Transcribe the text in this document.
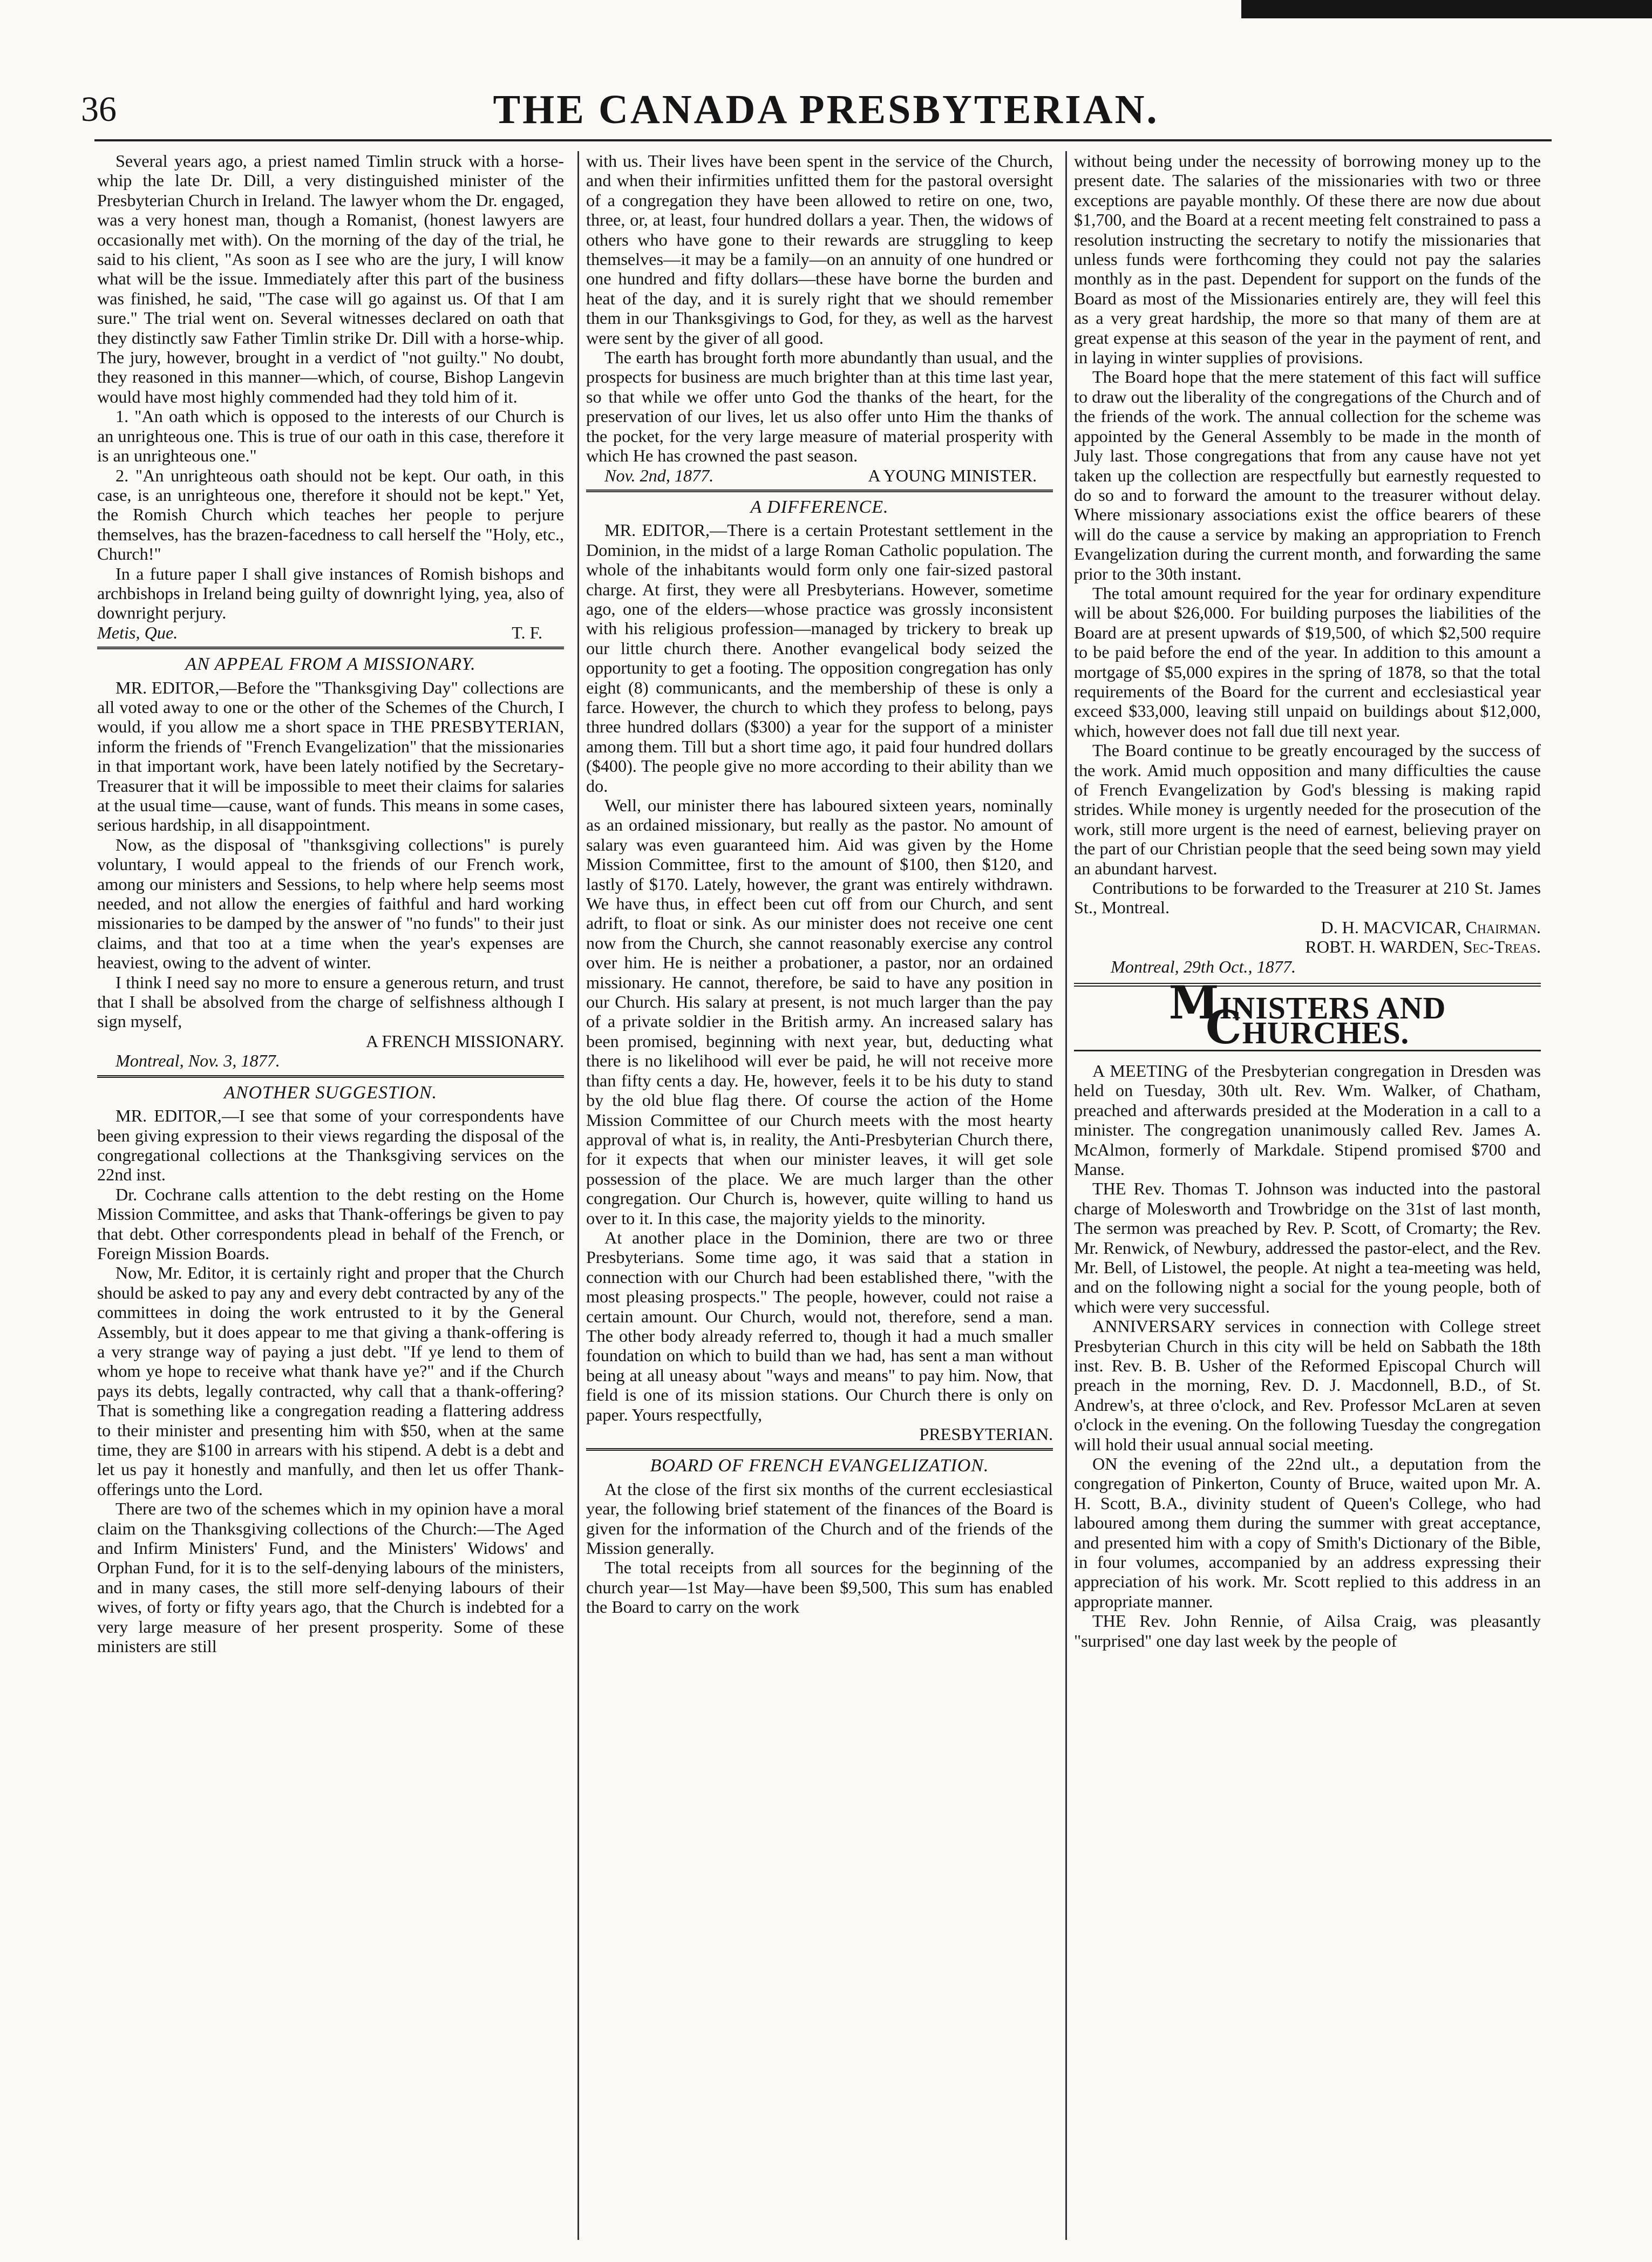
36	THE CANADA PRESBYTERIAN.

Several years ago, a priest named Timlin struck with a horse-whip the late Dr. Dill, a very distinguished minister of the Presbyterian Church in Ireland. The lawyer whom the Dr. engaged, was a very honest man, though a Romanist, (honest lawyers are occasionally met with). On the morning of the day of the trial, he said to his client, "As soon as I see who are the jury, I will know what will be the issue. Immediately after this part of the business was finished, he said, "The case will go against us. Of that I am sure." The trial went on. Several witnesses declared on oath that they distinctly saw Father Timlin strike Dr. Dill with a horse-whip. The jury, however, brought in a verdict of "not guilty." No doubt, they reasoned in this manner—which, of course, Bishop Langevin would have most highly commended had they told him of it.

1. "An oath which is opposed to the interests of our Church is an unrighteous one. This is true of our oath in this case, therefore it is an unrighteous one."

2. "An unrighteous oath should not be kept. Our oath, in this case, is an unrighteous one, therefore it should not be kept." Yet, the Romish Church which teaches her people to perjure themselves, has the brazen-facedness to call herself the "Holy, etc., Church!"

In a future paper I shall give instances of Romish bishops and archbishops in Ireland being guilty of downright lying, yea, also of downright perjury.

Metis, Que.	T. F.
AN APPEAL FROM A MISSIONARY.

MR. EDITOR,—Before the "Thanksgiving Day" collections are all voted away to one or the other of the Schemes of the Church, I would, if you allow me a short space in THE PRESBYTERIAN, inform the friends of "French Evangelization" that the missionaries in that important work, have been lately notified by the Secretary-Treasurer that it will be impossible to meet their claims for salaries at the usual time—cause, want of funds. This means in some cases, serious hardship, in all disappointment.

Now, as the disposal of "thanksgiving collections" is purely voluntary, I would appeal to the friends of our French work, among our ministers and Sessions, to help where help seems most needed, and not allow the energies of faithful and hard working missionaries to be damped by the answer of "no funds" to their just claims, and that too at a time when the year's expenses are heaviest, owing to the advent of winter.

I think I need say no more to ensure a generous return, and trust that I shall be absolved from the charge of selfishness although I sign myself,

A FRENCH MISSIONARY.

Montreal, Nov. 3, 1877.

ANOTHER SUGGESTION.

MR. EDITOR,—I see that some of your correspondents have been giving expression to their views regarding the disposal of the congregational collections at the Thanksgiving services on the 22nd inst.

Dr. Cochrane calls attention to the debt resting on the Home Mission Committee, and asks that Thank-offerings be given to pay that debt. Other correspondents plead in behalf of the French, or Foreign Mission Boards.

Now, Mr. Editor, it is certainly right and proper that the Church should be asked to pay any and every debt contracted by any of the committees in doing the work entrusted to it by the General Assembly, but it does appear to me that giving a thank-offering is a very strange way of paying a just debt. "If ye lend to them of whom ye hope to receive what thank have ye?" and if the Church pays its debts, legally contracted, why call that a thank-offering? That is something like a congregation reading a flattering address to their minister and presenting him with $50, when at the same time, they are $100 in arrears with his stipend. A debt is a debt and let us pay it honestly and manfully, and then let us offer Thank-offerings unto the Lord.

There are two of the schemes which in my opinion have a moral claim on the Thanksgiving collections of the Church:—The Aged and Infirm Ministers' Fund, and the Ministers' Widows' and Orphan Fund, for it is to the self-denying labours of the ministers, and in many cases, the still more self-denying labours of their wives, of forty or fifty years ago, that the Church is indebted for a very large measure of her present prosperity. Some of these ministers are still

with us. Their lives have been spent in the service of the Church, and when their infirmities unfitted them for the pastoral oversight of a congregation they have been allowed to retire on one, two, three, or, at least, four hundred dollars a year. Then, the widows of others who have gone to their rewards are struggling to keep themselves—it may be a family—on an annuity of one hundred or one hundred and fifty dollars—these have borne the burden and heat of the day, and it is surely right that we should remember them in our Thanksgivings to God, for they, as well as the harvest were sent by the giver of all good.

The earth has brought forth more abundantly than usual, and the prospects for business are much brighter than at this time last year, so that while we offer unto God the thanks of the heart, for the preservation of our lives, let us also offer unto Him the thanks of the pocket, for the very large measure of material prosperity with which He has crowned the past season.

Nov. 2nd, 1877.	A YOUNG MINISTER.
A DIFFERENCE.

MR. EDITOR,—There is a certain Protestant settlement in the Dominion, in the midst of a large Roman Catholic population. The whole of the inhabitants would form only one fair-sized pastoral charge. At first, they were all Presbyterians. However, sometime ago, one of the elders—whose practice was grossly inconsistent with his religious profession—managed by trickery to break up our little church there. Another evangelical body seized the opportunity to get a footing. The opposition congregation has only eight (8) communicants, and the membership of these is only a farce. However, the church to which they profess to belong, pays three hundred dollars ($300) a year for the support of a minister among them. Till but a short time ago, it paid four hundred dollars ($400). The people give no more according to their ability than we do.

Well, our minister there has laboured sixteen years, nominally as an ordained missionary, but really as the pastor. No amount of salary was even guaranteed him. Aid was given by the Home Mission Committee, first to the amount of $100, then $120, and lastly of $170. Lately, however, the grant was entirely withdrawn. We have thus, in effect been cut off from our Church, and sent adrift, to float or sink. As our minister does not receive one cent now from the Church, she cannot reasonably exercise any control over him. He is neither a probationer, a pastor, nor an ordained missionary. He cannot, therefore, be said to have any position in our Church. His salary at present, is not much larger than the pay of a private soldier in the British army. An increased salary has been promised, beginning with next year, but, deducting what there is no likelihood will ever be paid, he will not receive more than fifty cents a day. He, however, feels it to be his duty to stand by the old blue flag there. Of course the action of the Home Mission Committee of our Church meets with the most hearty approval of what is, in reality, the Anti-Presbyterian Church there, for it expects that when our minister leaves, it will get sole possession of the place. We are much larger than the other congregation. Our Church is, however, quite willing to hand us over to it. In this case, the majority yields to the minority.

At another place in the Dominion, there are two or three Presbyterians. Some time ago, it was said that a station in connection with our Church had been established there, "with the most pleasing prospects." The people, however, could not raise a certain amount. Our Church, would not, therefore, send a man. The other body already referred to, though it had a much smaller foundation on which to build than we had, has sent a man without being at all uneasy about "ways and means" to pay him. Now, that field is one of its mission stations. Our Church there is only on paper. Yours respectfully,

PRESBYTERIAN.

BOARD OF FRENCH EVANGELIZATION.

At the close of the first six months of the current ecclesiastical year, the following brief statement of the finances of the Board is given for the information of the Church and of the friends of the Mission generally.

The total receipts from all sources for the beginning of the church year—1st May—have been $9,500, This sum has enabled the Board to carry on the work

without being under the necessity of borrowing money up to the present date. The salaries of the missionaries with two or three exceptions are payable monthly. Of these there are now due about $1,700, and the Board at a recent meeting felt constrained to pass a resolution instructing the secretary to notify the missionaries that unless funds were forthcoming they could not pay the salaries monthly as in the past. Dependent for support on the funds of the Board as most of the Missionaries entirely are, they will feel this as a very great hardship, the more so that many of them are at great expense at this season of the year in the payment of rent, and in laying in winter supplies of provisions.

The Board hope that the mere statement of this fact will suffice to draw out the liberality of the congregations of the Church and of the friends of the work. The annual collection for the scheme was appointed by the General Assembly to be made in the month of July last. Those congregations that from any cause have not yet taken up the collection are respectfully but earnestly requested to do so and to forward the amount to the treasurer without delay. Where missionary associations exist the office bearers of these will do the cause a service by making an appropriation to French Evangelization during the current month, and forwarding the same prior to the 30th instant.

The total amount required for the year for ordinary expenditure will be about $26,000. For building purposes the liabilities of the Board are at present upwards of $19,500, of which $2,500 require to be paid before the end of the year. In addition to this amount a mortgage of $5,000 expires in the spring of 1878, so that the total requirements of the Board for the current and ecclesiastical year exceed $33,000, leaving still unpaid on buildings about $12,000, which, however does not fall due till next year.

The Board continue to be greatly encouraged by the success of the work. Amid much opposition and many difficulties the cause of French Evangelization by God's blessing is making rapid strides. While money is urgently needed for the prosecution of the work, still more urgent is the need of earnest, believing prayer on the part of our Christian people that the seed being sown may yield an abundant harvest.

Contributions to be forwarded to the Treasurer at 210 St. James St., Montreal.

D. H. MACVICAR, Chairman.

ROBT. H. WARDEN, Sec-Treas.

Montreal, 29th Oct., 1877.

MINISTERS AND CHURCHES.

A MEETING of the Presbyterian congregation in Dresden was held on Tuesday, 30th ult. Rev. Wm. Walker, of Chatham, preached and afterwards presided at the Moderation in a call to a minister. The congregation unanimously called Rev. James A. McAlmon, formerly of Markdale. Stipend promised $700 and Manse.

THE Rev. Thomas T. Johnson was inducted into the pastoral charge of Molesworth and Trowbridge on the 31st of last month, The sermon was preached by Rev. P. Scott, of Cromarty; the Rev. Mr. Renwick, of Newbury, addressed the pastor-elect, and the Rev. Mr. Bell, of Listowel, the people. At night a tea-meeting was held, and on the following night a social for the young people, both of which were very successful.

ANNIVERSARY services in connection with College street Presbyterian Church in this city will be held on Sabbath the 18th inst. Rev. B. B. Usher of the Reformed Episcopal Church will preach in the morning, Rev. D. J. Macdonnell, B.D., of St. Andrew's, at three o'clock, and Rev. Professor McLaren at seven o'clock in the evening. On the following Tuesday the congregation will hold their usual annual social meeting.

ON the evening of the 22nd ult., a deputation from the congregation of Pinkerton, County of Bruce, waited upon Mr. A. H. Scott, B.A., divinity student of Queen's College, who had laboured among them during the summer with great acceptance, and presented him with a copy of Smith's Dictionary of the Bible, in four volumes, accompanied by an address expressing their appreciation of his work. Mr. Scott replied to this address in an appropriate manner.

THE Rev. John Rennie, of Ailsa Craig, was pleasantly "surprised" one day last week by the people of
